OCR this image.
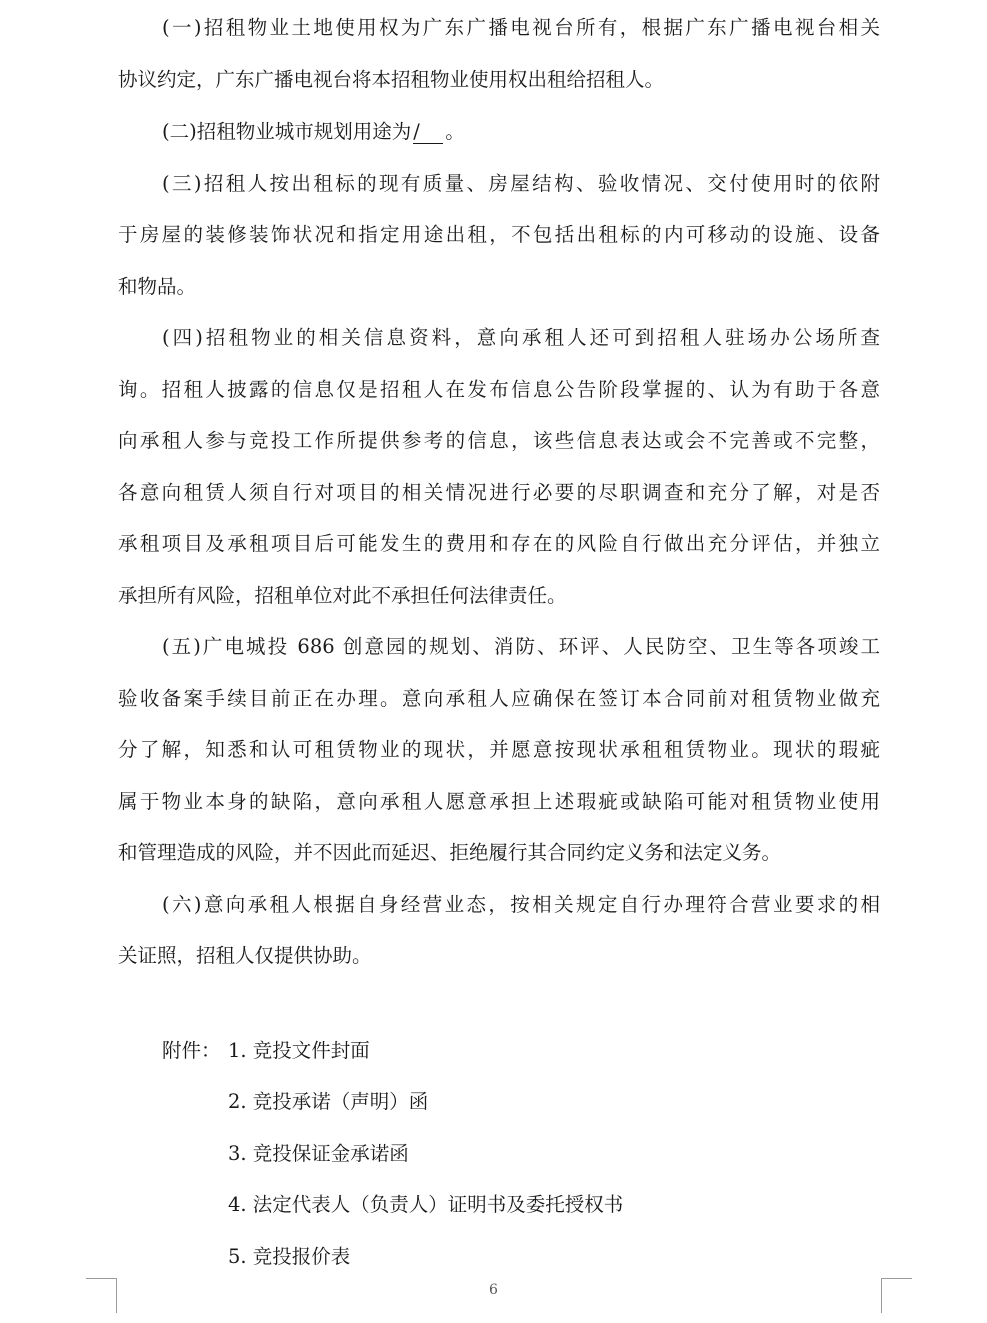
(一)招租物业土地使用权为广东广播电视台所有，根据广东广播电视台相关
协议约定，广东广播电视台将本招租物业使用权出租给招租人。
(二)招租物业城市规划用途为 / 。
(三)招租人按出租标的现有质量、房屋结构、验收情况、交付使用时的依附
于房屋的装修装饰状况和指定用途出租，不包括出租标的内可移动的设施、设备
和物品。
(四)招租物业的相关信息资料，意向承租人还可到招租人驻场办公场所查
询。招租人披露的信息仅是招租人在发布信息公告阶段掌握的、认为有助于各意
向承租人参与竞投工作所提供参考的信息，该些信息表达或会不完善或不完整，
各意向租赁人须自行对项目的相关情况进行必要的尽职调查和充分了解，对是否
承租项目及承租项目后可能发生的费用和存在的风险自行做出充分评估，并独立
承担所有风险，招租单位对此不承担任何法律责任。
(五)广电城投 686 创意园的规划、消防、环评、人民防空、卫生等各项竣工
验收备案手续目前正在办理。意向承租人应确保在签订本合同前对租赁物业做充
分了解，知悉和认可租赁物业的现状，并愿意按现状承租租赁物业。现状的瑕疵
属于物业本身的缺陷，意向承租人愿意承担上述瑕疵或缺陷可能对租赁物业使用
和管理造成的风险，并不因此而延迟、拒绝履行其合同约定义务和法定义务。
(六)意向承租人根据自身经营业态，按相关规定自行办理符合营业要求的相
关证照，招租人仅提供协助。
附件： 1. 竞投文件封面
2. 竞投承诺（声明）函
3. 竞投保证金承诺函
4. 法定代表人（负责人）证明书及委托授权书
5. 竞投报价表
6
